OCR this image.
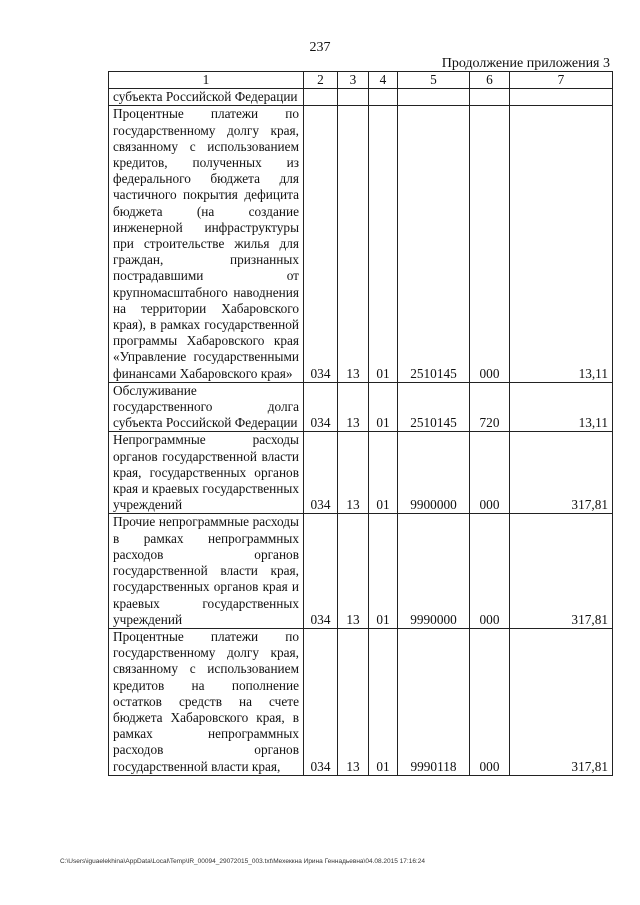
237
Продолжение приложения 3
1	2	3	4	5	6	7
субъекта Российской Федерации						
Процентные платежи по государственному долгу края, связанному с использованием кредитов, полученных из федерального бюджета для частичного покрытия дефицита бюджета (на создание инженерной инфраструктуры при строительстве жилья для граждан, признанных пострадавшими от крупномасштабного наводнения на территории Хабаровского края), в рамках государственной программы Хабаровского края «Управление государственными финансами Хабаровского края»	034	13	01	2510145	000	13,11
Обслуживание государственного долга субъекта Российской Федерации	034	13	01	2510145	720	13,11
Непрограммные расходы органов государственной власти края, государственных органов края и краевых государственных учреждений	034	13	01	9900000	000	317,81
Прочие непрограммные расходы в рамках непрограммных расходов органов государственной власти края, государственных органов края и краевых государственных учреждений	034	13	01	9990000	000	317,81
Процентные платежи по государственному долгу края, связанному с использованием кредитов на пополнение остатков средств на счете бюджета Хабаровского края, в рамках непрограммных расходов органов государственной власти края,	034	13	01	9990118	000	317,81
C:\Users\iguaelekhina\AppData\Local\Temp\IR_00094_29072015_003.txt\Мехеккна Ирина Геннадьевна\04.08.2015 17:16:24
